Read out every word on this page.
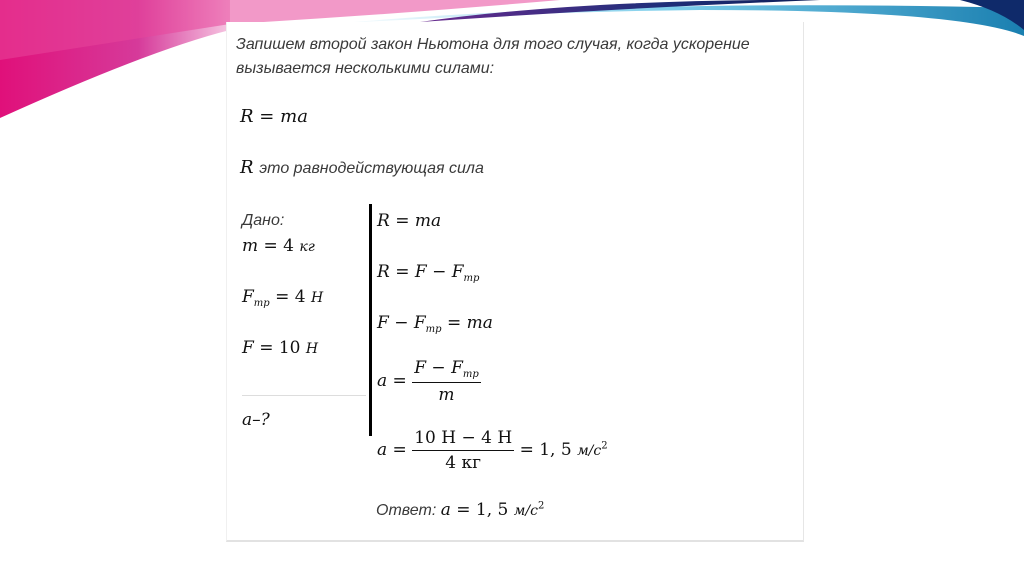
Запишем второй закон Ньютона для того случая, когда ускорение
вызывается несколькими силами:
R = ma
R это равнодействующая сила
Дано:
m = 4 кг
$F_{тр} = 4$ Н
F = 10 Н
a–?
R = ma
$R = F - F_{тр}$
$F - F_{тр}$ = ma
$a = \frac{F - F_{тр}}{m}$
$a = \frac{10 Н - 4 Н}{4 кг} = 1$, 5 $м/с^2$
Ответ: a = 1, 5 $м/с^2$
